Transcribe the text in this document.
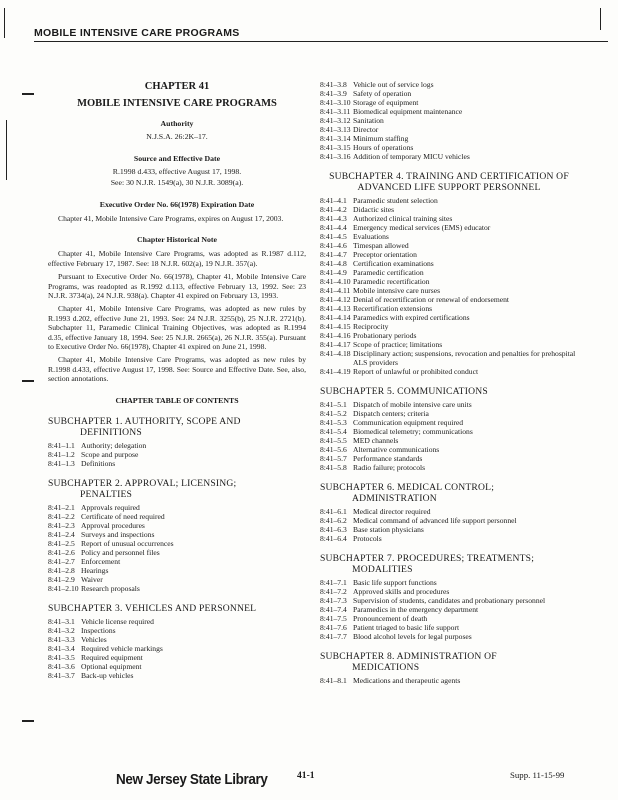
MOBILE INTENSIVE CARE PROGRAMS
CHAPTER 41
MOBILE INTENSIVE CARE PROGRAMS
Authority
N.J.S.A. 26:2K–17.
Source and Effective Date
R.1998 d.433, effective August 17, 1998.
See: 30 N.J.R. 1549(a), 30 N.J.R. 3089(a).
Executive Order No. 66(1978) Expiration Date

Chapter 41, Mobile Intensive Care Programs, expires on August 17, 2003.

Chapter Historical Note

Chapter 41, Mobile Intensive Care Programs, was adopted as R.1987 d.112, effective February 17, 1987. See: 18 N.J.R. 602(a), 19 N.J.R. 357(a).

Pursuant to Executive Order No. 66(1978), Chapter 41, Mobile Intensive Care Programs, was readopted as R.1992 d.113, effective February 13, 1992. See: 23 N.J.R. 3734(a), 24 N.J.R. 938(a). Chapter 41 expired on February 13, 1993.

Chapter 41, Mobile Intensive Care Programs, was adopted as new rules by R.1993 d.202, effective June 21, 1993. See: 24 N.J.R. 3255(b), 25 N.J.R. 2721(b). Subchapter 11, Paramedic Clinical Training Objectives, was adopted as R.1994 d.35, effective January 18, 1994. See: 25 N.J.R. 2665(a), 26 N.J.R. 355(a). Pursuant to Executive Order No. 66(1978), Chapter 41 expired on June 21, 1998.

Chapter 41, Mobile Intensive Care Programs, was adopted as new rules by R.1998 d.433, effective August 17, 1998. See: Source and Effective Date. See, also, section annotations.

CHAPTER TABLE OF CONTENTS
SUBCHAPTER 1. AUTHORITY, SCOPE AND
DEFINITIONS
8:41–1.1 Authority; delegation
8:41–1.2 Scope and purpose
8:41–1.3 Definitions
SUBCHAPTER 2. APPROVAL; LICENSING;
PENALTIES
8:41–2.1 Approvals required
8:41–2.2 Certificate of need required
8:41–2.3 Approval procedures
8:41–2.4 Surveys and inspections
8:41–2.5 Report of unusual occurrences
8:41–2.6 Policy and personnel files
8:41–2.7 Enforcement
8:41–2.8 Hearings
8:41–2.9 Waiver
8:41–2.10 Research proposals
SUBCHAPTER 3. VEHICLES AND PERSONNEL
8:41–3.1 Vehicle license required
8:41–3.2 Inspections
8:41–3.3 Vehicles
8:41–3.4 Required vehicle markings
8:41–3.5 Required equipment
8:41–3.6 Optional equipment
8:41–3.7 Back-up vehicles
8:41–3.8 Vehicle out of service logs
8:41–3.9 Safety of operation
8:41–3.10 Storage of equipment
8:41–3.11 Biomedical equipment maintenance
8:41–3.12 Sanitation
8:41–3.13 Director
8:41–3.14 Minimum staffing
8:41–3.15 Hours of operations
8:41–3.16 Addition of temporary MICU vehicles
SUBCHAPTER 4. TRAINING AND CERTIFICATION OF
ADVANCED LIFE SUPPORT PERSONNEL
8:41–4.1 Paramedic student selection
8:41–4.2 Didactic sites
8:41–4.3 Authorized clinical training sites
8:41–4.4 Emergency medical services (EMS) educator
8:41–4.5 Evaluations
8:41–4.6 Timespan allowed
8:41–4.7 Preceptor orientation
8:41–4.8 Certification examinations
8:41–4.9 Paramedic certification
8:41–4.10 Paramedic recertification
8:41–4.11 Mobile intensive care nurses
8:41–4.12 Denial of recertification or renewal of endorsement
8:41–4.13 Recertification extensions
8:41–4.14 Paramedics with expired certifications
8:41–4.15 Reciprocity
8:41–4.16 Probationary periods
8:41–4.17 Scope of practice; limitations
8:41–4.18 Disciplinary action; suspensions, revocation and penalties for prehospital ALS providers
8:41–4.19 Report of unlawful or prohibited conduct
SUBCHAPTER 5. COMMUNICATIONS
8:41–5.1 Dispatch of mobile intensive care units
8:41–5.2 Dispatch centers; criteria
8:41–5.3 Communication equipment required
8:41–5.4 Biomedical telemetry; communications
8:41–5.5 MED channels
8:41–5.6 Alternative communications
8:41–5.7 Performance standards
8:41–5.8 Radio failure; protocols
SUBCHAPTER 6. MEDICAL CONTROL;
ADMINISTRATION
8:41–6.1 Medical director required
8:41–6.2 Medical command of advanced life support personnel
8:41–6.3 Base station physicians
8:41–6.4 Protocols
SUBCHAPTER 7. PROCEDURES; TREATMENTS;
MODALITIES
8:41–7.1 Basic life support functions
8:41–7.2 Approved skills and procedures
8:41–7.3 Supervision of students, candidates and probationary personnel
8:41–7.4 Paramedics in the emergency department
8:41–7.5 Pronouncement of death
8:41–7.6 Patient triaged to basic life support
8:41–7.7 Blood alcohol levels for legal purposes
SUBCHAPTER 8. ADMINISTRATION OF
MEDICATIONS
8:41–8.1 Medications and therapeutic agents
41-1	Supp. 11-15-99
New Jersey State Library
